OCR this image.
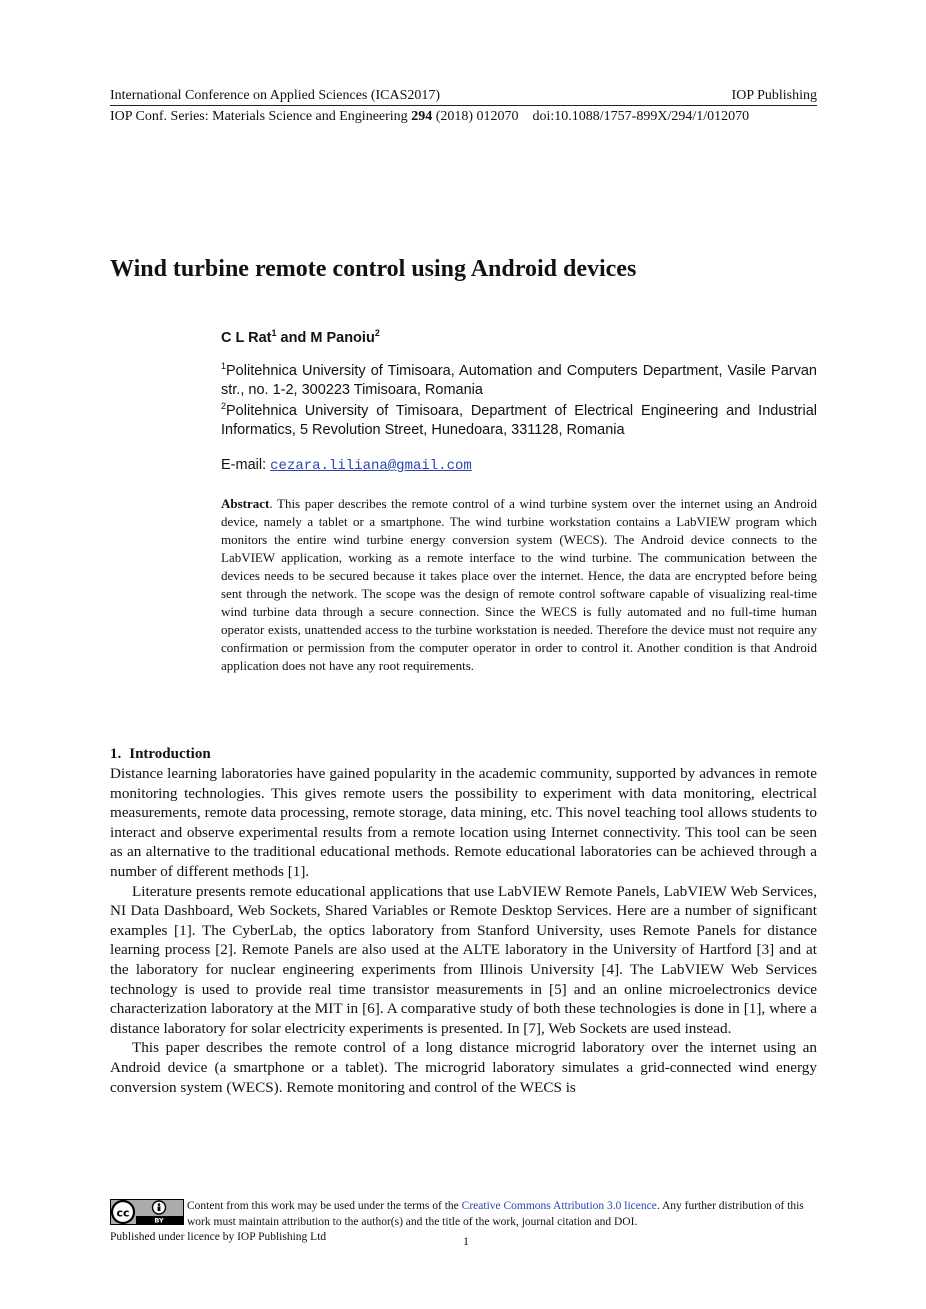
International Conference on Applied Sciences (ICAS2017)	IOP Publishing
IOP Conf. Series: Materials Science and Engineering 294 (2018) 012070 doi:10.1088/1757-899X/294/1/012070
Wind turbine remote control using Android devices
C L Rat$^1$ and M Panoiu$^2$
$^1$Politehnica University of Timisoara, Automation and Computers Department, Vasile Parvan str., no. 1-2, 300223 Timisoara, Romania
$^2$Politehnica University of Timisoara, Department of Electrical Engineering and Industrial Informatics, 5 Revolution Street, Hunedoara, 331128, Romania
E-mail: cezara.liliana@gmail.com
Abstract. This paper describes the remote control of a wind turbine system over the internet using an Android device, namely a tablet or a smartphone. The wind turbine workstation contains a LabVIEW program which monitors the entire wind turbine energy conversion system (WECS). The Android device connects to the LabVIEW application, working as a remote interface to the wind turbine. The communication between the devices needs to be secured because it takes place over the internet. Hence, the data are encrypted before being sent through the network. The scope was the design of remote control software capable of visualizing real-time wind turbine data through a secure connection. Since the WECS is fully automated and no full-time human operator exists, unattended access to the turbine workstation is needed. Therefore the device must not require any confirmation or permission from the computer operator in order to control it. Another condition is that Android application does not have any root requirements.
1. Introduction

Distance learning laboratories have gained popularity in the academic community, supported by advances in remote monitoring technologies. This gives remote users the possibility to experiment with data monitoring, electrical measurements, remote data processing, remote storage, data mining, etc. This novel teaching tool allows students to interact and observe experimental results from a remote location using Internet connectivity. This tool can be seen as an alternative to the traditional educational methods. Remote educational laboratories can be achieved through a number of different methods [1].

Literature presents remote educational applications that use LabVIEW Remote Panels, LabVIEW Web Services, NI Data Dashboard, Web Sockets, Shared Variables or Remote Desktop Services. Here are a number of significant examples [1]. The CyberLab, the optics laboratory from Stanford University, uses Remote Panels for distance learning process [2]. Remote Panels are also used at the ALTE laboratory in the University of Hartford [3] and at the laboratory for nuclear engineering experiments from Illinois University [4]. The LabVIEW Web Services technology is used to provide real time transistor measurements in [5] and an online microelectronics device characterization laboratory at the MIT in [6]. A comparative study of both these technologies is done in [1], where a distance laboratory for solar electricity experiments is presented. In [7], Web Sockets are used instead.

This paper describes the remote control of a long distance microgrid laboratory over the internet using an Android device (a smartphone or a tablet). The microgrid laboratory simulates a grid-connected wind energy conversion system (WECS). Remote monitoring and control of the WECS is

cc
BY
Content from this work may be used under the terms of the Creative Commons Attribution 3.0 licence. Any further distribution of this work must maintain attribution to the author(s) and the title of the work, journal citation and DOI.
Published under licence by IOP Publishing Ltd	1
